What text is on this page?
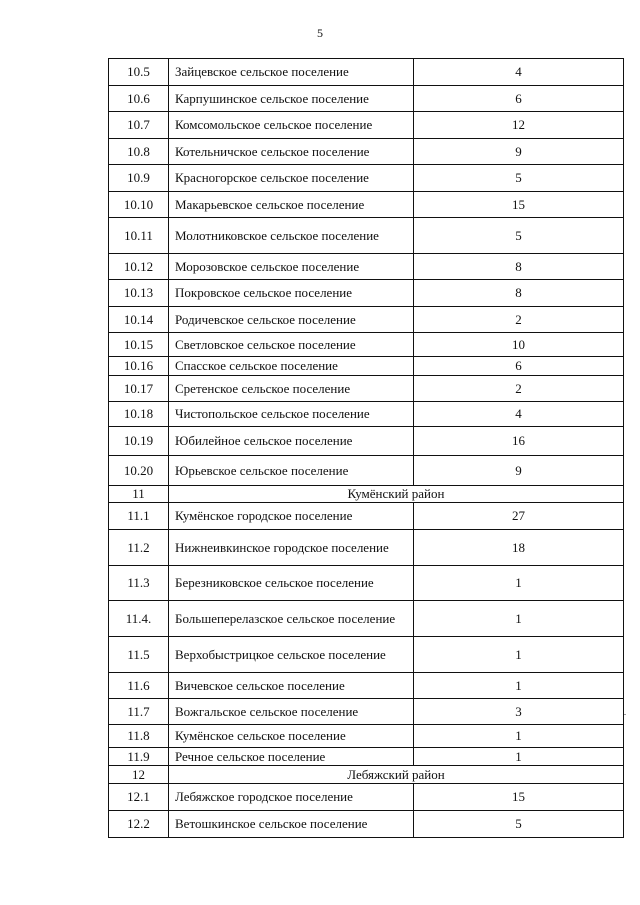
5
10.5	Зайцевское сельское поселение	4
10.6	Карпушинское сельское поселение	6
10.7	Комсомольское сельское поселение	12
10.8	Котельничское сельское поселение	9
10.9	Красногорское сельское поселение	5
10.10	Макарьевское сельское поселение	15
10.11	Молотниковское сельское поселение	5
10.12	Морозовское сельское поселение	8
10.13	Покровское сельское поселение	8
10.14	Родичевское сельское поселение	2
10.15	Светловское сельское поселение	10
10.16	Спасское сельское поселение	6
10.17	Сретенское сельское поселение	2
10.18	Чистопольское сельское поселение	4
10.19	Юбилейное сельское поселение	16
10.20	Юрьевское сельское поселение	9
11	Кумёнский район	
11.1	Кумёнское городское поселение	27
11.2	Нижнеивкинское городское поселение	18
11.3	Березниковское сельское поселение	1
11.4.	Большеперелазское сельское поселение	1
11.5	Верхобыстрицкое сельское поселение	1
11.6	Вичевское сельское поселение	1
11.7	Вожгальское сельское поселение	3
11.8	Кумёнское сельское поселение	1
11.9	Речное сельское поселение	1
12	Лебяжский район	
12.1	Лебяжское городское поселение	15
12.2	Ветошкинское сельское поселение	5
